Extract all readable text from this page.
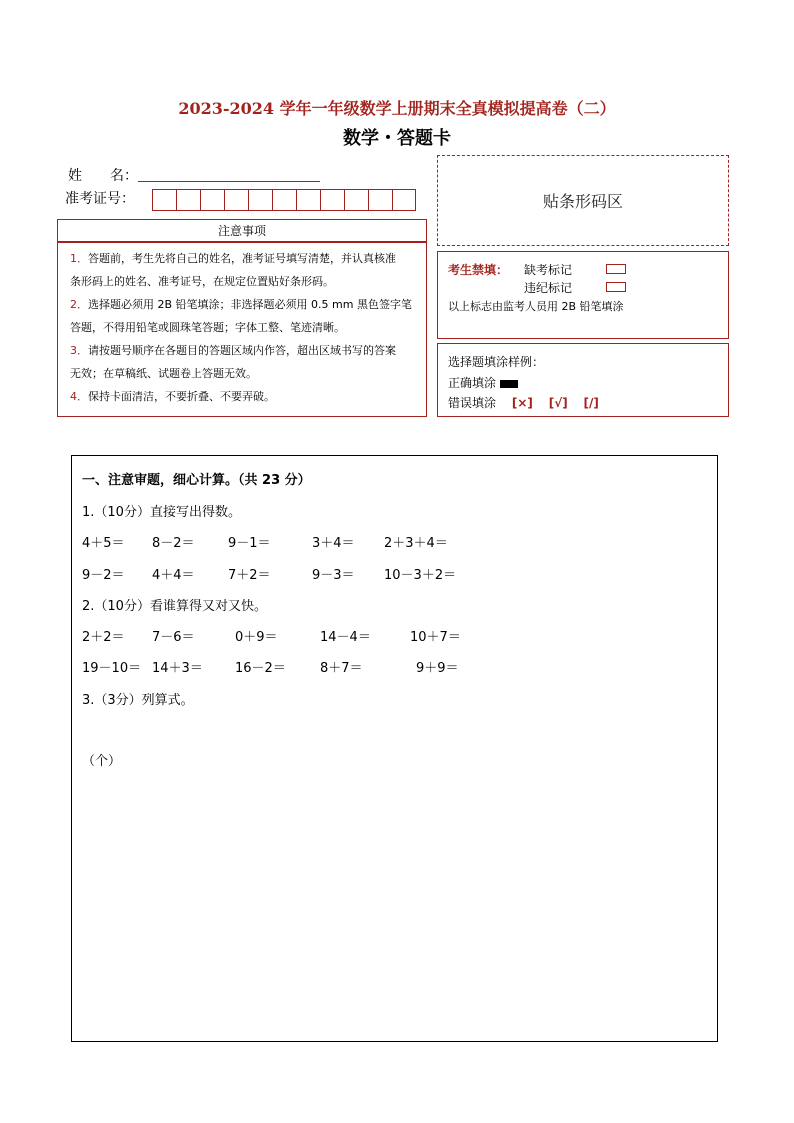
2023-2024 学年一年级数学上册期末全真模拟提高卷（二）
数学・答题卡
姓　　名：
准考证号：	贴条形码区
注意事项
1．答题前，考生先将自己的姓名，准考证号填写清楚，并认真核准
条形码上的姓名、准考证号，在规定位置贴好条形码。
2．选择题必须用 2B 铅笔填涂；非选择题必须用 0.5 mm 黑色签字笔
答题，不得用铅笔或圆珠笔答题；字体工整、笔迹清晰。
3．请按题号顺序在各题目的答题区域内作答，超出区域书写的答案
无效；在草稿纸、试题卷上答题无效。
4．保持卡面清洁，不要折叠、不要弄破。
考生禁填： 缺考标记
违纪标记
以上标志由监考人员用 2B 铅笔填涂
选择题填涂样例：
正确填涂
错误填涂 [×] [√] [/]
一、注意审题，细心计算。（共 23 分）
1.（10分）直接写出得数。
4＋5＝ 8－2＝	9－1＝	3＋4＝ 2＋3＋4＝
9－2＝ 4＋4＝	7＋2＝	9－3＝ 10－3＋2＝
2.（10分）看谁算得又对又快。
2＋2＝ 7－6＝	0＋9＝	14－4＝	10＋7＝
19－10＝ 14＋3＝ 16－2＝	8＋7＝	9＋9＝
3.（3分）列算式。
（个）
